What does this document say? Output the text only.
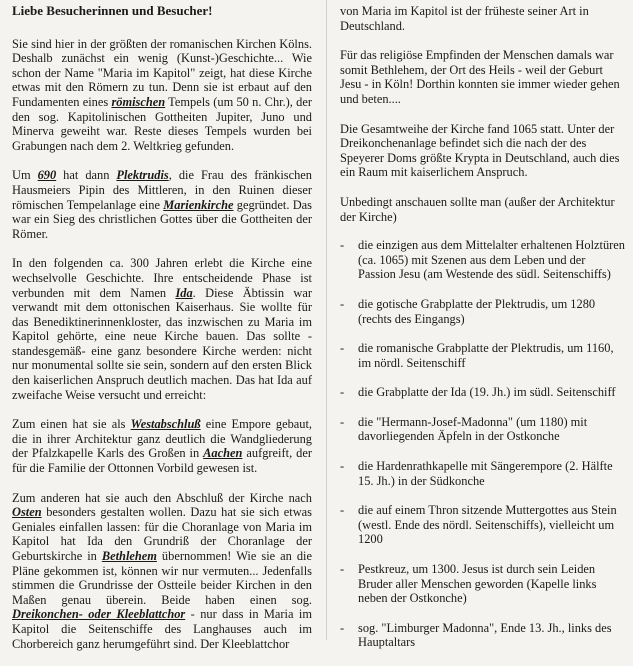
Liebe Besucherinnen und Besucher!

Sie sind hier in der größten der romanischen Kirchen Kölns. Deshalb zunächst ein wenig (Kunst-)Geschichte... Wie schon der Name "Maria im Kapitol" zeigt, hat diese Kirche etwas mit den Römern zu tun. Denn sie ist erbaut auf den Fundamenten eines römischen Tempels (um 50 n. Chr.), der den sog. Kapitolinischen Gottheiten Jupiter, Juno und Minerva geweiht war. Reste dieses Tempels wurden bei Grabungen nach dem 2. Weltkrieg gefunden.

Um 690 hat dann Plektrudis, die Frau des fränkischen Hausmeiers Pipin des Mittleren, in den Ruinen dieser römischen Tempelanlage eine Marienkirche gegründet. Das war ein Sieg des christlichen Gottes über die Gottheiten der Römer.

In den folgenden ca. 300 Jahren erlebt die Kirche eine wechselvolle Geschichte. Ihre entscheidende Phase ist verbunden mit dem Namen Ida. Diese Äbtissin war verwandt mit dem ottonischen Kaiserhaus. Sie wollte für das Benediktinerinnenkloster, das inzwischen zu Maria im Kapitol gehörte, eine neue Kirche bauen. Das sollte - standesgemäß- eine ganz besondere Kirche werden: nicht nur monumental sollte sie sein, sondern auf den ersten Blick den kaiserlichen Anspruch deutlich machen. Das hat Ida auf zweifache Weise versucht und erreicht:

Zum einen hat sie als Westabschluß eine Empore gebaut, die in ihrer Architektur ganz deutlich die Wandgliederung der Pfalzkapelle Karls des Großen in Aachen aufgreift, der für die Familie der Ottonnen Vorbild gewesen ist.

Zum anderen hat sie auch den Abschluß der Kirche nach Osten besonders gestalten wollen. Dazu hat sie sich etwas Geniales einfallen lassen: für die Choranlage von Maria im Kapitol hat Ida den Grundriß der Choranlage der Geburtskirche in Bethlehem übernommen! Wie sie an die Pläne gekommen ist, können wir nur vermuten... Jedenfalls stimmen die Grundrisse der Ostteile beider Kirchen in den Maßen genau überein. Beide haben einen sog. Dreikonchen- oder Kleeblattchor - nur dass in Maria im Kapitol die Seitenschiffe des Langhauses auch im Chorbereich ganz herumgeführt sind. Der Kleeblattchor

von Maria im Kapitol ist der früheste seiner Art in Deutschland.

Für das religiöse Empfinden der Menschen damals war somit Bethlehem, der Ort des Heils - weil der Geburt Jesu - in Köln! Dorthin konnten sie immer wieder gehen und beten....

Die Gesamtweihe der Kirche fand 1065 statt. Unter der Dreikonchenanlage befindet sich die nach der des Speyerer Doms größte Krypta in Deutschland, auch dies ein Raum mit kaiserlichem Anspruch.

Unbedingt anschauen sollte man (außer der Architektur der Kirche)

- die einzigen aus dem Mittelalter erhaltenen Holztüren (ca. 1065) mit Szenen aus dem Leben und der Passion Jesu (am Westende des südl. Seitenschiffs)
- die gotische Grabplatte der Plektrudis, um 1280 (rechts des Eingangs)
- die romanische Grabplatte der Plektrudis, um 1160, im nördl. Seitenschiff
- die Grabplatte der Ida (19. Jh.) im südl. Seitenschiff
- die "Hermann-Josef-Madonna" (um 1180) mit davorliegenden Äpfeln in der Ostkonche
- die Hardenrathkapelle mit Sängerempore (2. Hälfte 15. Jh.) in der Südkonche
- die auf einem Thron sitzende Muttergottes aus Stein (westl. Ende des nördl. Seitenschiffs), vielleicht um 1200
- Pestkreuz, um 1300. Jesus ist durch sein Leiden Bruder aller Menschen geworden (Kapelle links neben der Ostkonche)
- sog. "Limburger Madonna", Ende 13. Jh., links des Hauptaltars
